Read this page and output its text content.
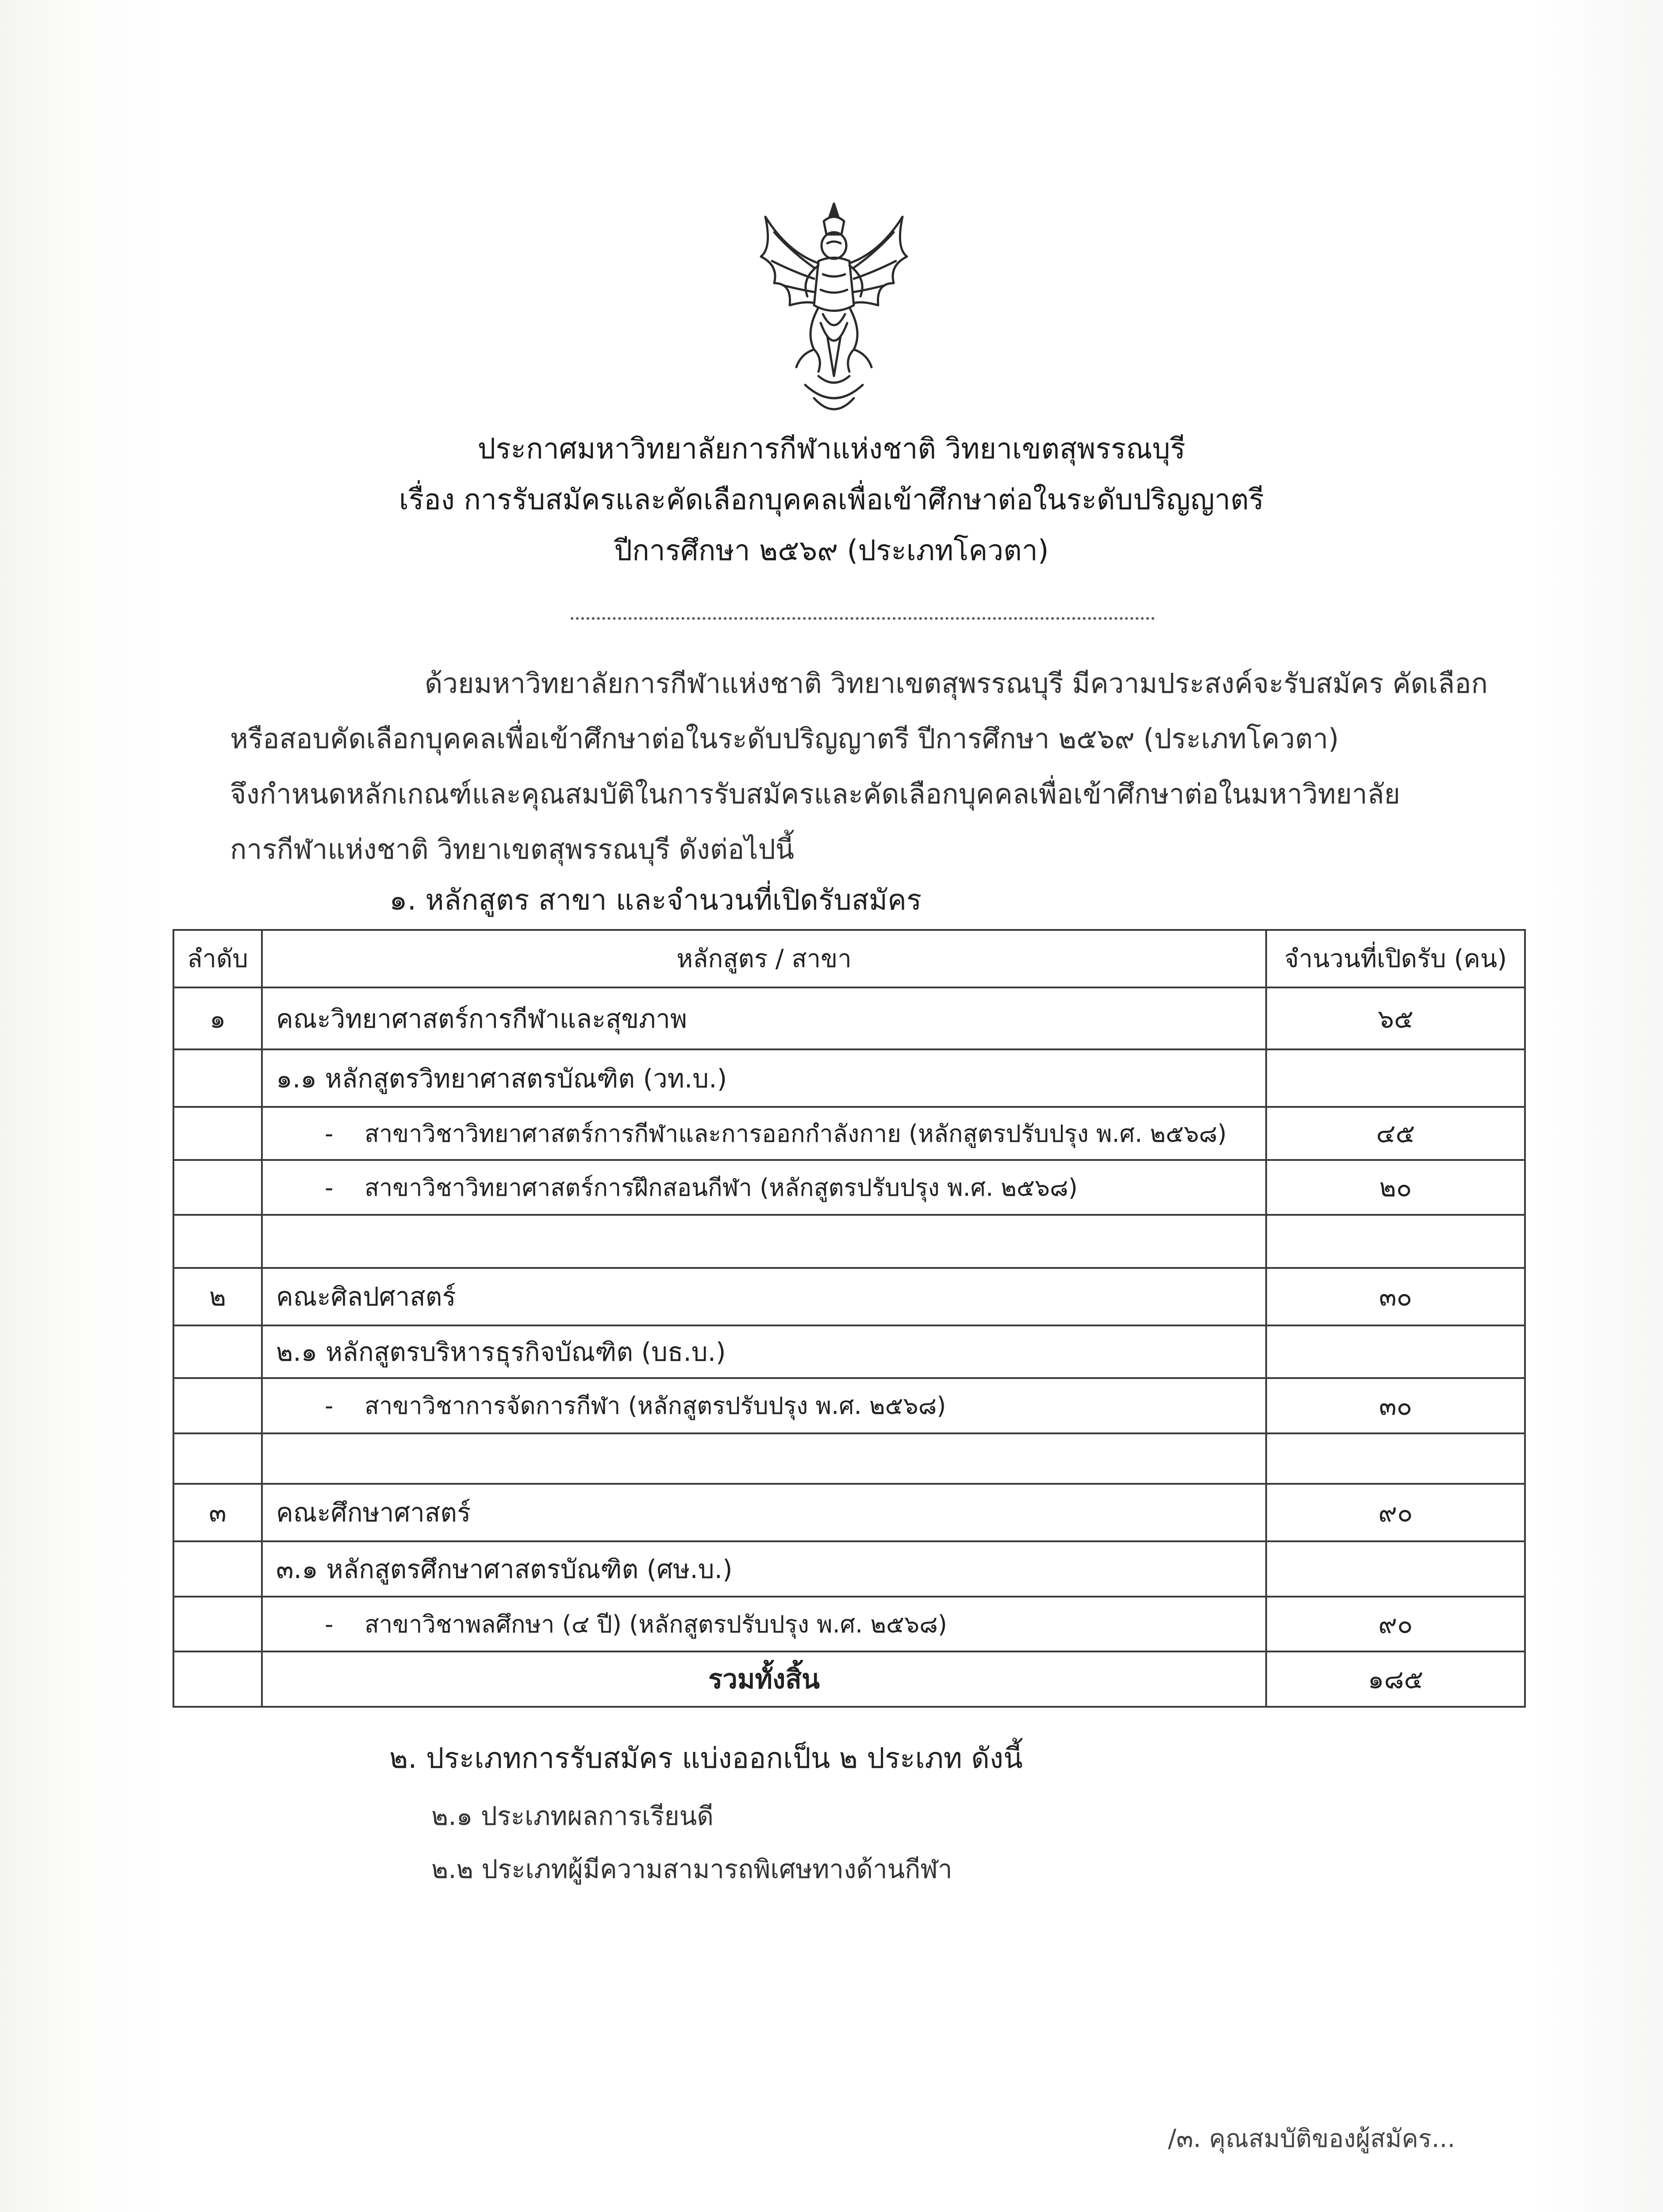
ประกาศมหาวิทยาลัยการกีฬาแห่งชาติ วิทยาเขตสุพรรณบุรี
เรื่อง การรับสมัครและคัดเลือกบุคคลเพื่อเข้าศึกษาต่อในระดับปริญญาตรี
ปีการศึกษา ๒๕๖๙ (ประเภทโควตา)
ด้วยมหาวิทยาลัยการกีฬาแห่งชาติ วิทยาเขตสุพรรณบุรี มีความประสงค์จะรับสมัคร คัดเลือก
หรือสอบคัดเลือกบุคคลเพื่อเข้าศึกษาต่อในระดับปริญญาตรี ปีการศึกษา ๒๕๖๙ (ประเภทโควตา)
จึงกำหนดหลักเกณฑ์และคุณสมบัติในการรับสมัครและคัดเลือกบุคคลเพื่อเข้าศึกษาต่อในมหาวิทยาลัย
การกีฬาแห่งชาติ วิทยาเขตสุพรรณบุรี ดังต่อไปนี้
๑. หลักสูตร สาขา และจำนวนที่เปิดรับสมัคร
ลำดับ	หลักสูตร / สาขา	จำนวนที่เปิดรับ (คน)
๑	คณะวิทยาศาสตร์การกีฬาและสุขภาพ	๖๕
	๑.๑ หลักสูตรวิทยาศาสตรบัณฑิต (วท.บ.)	
	- สาขาวิชาวิทยาศาสตร์การกีฬาและการออกกำลังกาย (หลักสูตรปรับปรุง พ.ศ. ๒๕๖๘)	๔๕
	- สาขาวิชาวิทยาศาสตร์การฝึกสอนกีฬา (หลักสูตรปรับปรุง พ.ศ. ๒๕๖๘)	๒๐

๒	คณะศิลปศาสตร์	๓๐
	๒.๑ หลักสูตรบริหารธุรกิจบัณฑิต (บธ.บ.)	
	- สาขาวิชาการจัดการกีฬา (หลักสูตรปรับปรุง พ.ศ. ๒๕๖๘)	๓๐

๓	คณะศึกษาศาสตร์	๙๐
	๓.๑ หลักสูตรศึกษาศาสตรบัณฑิต (ศษ.บ.)	
	- สาขาวิชาพลศึกษา (๔ ปี) (หลักสูตรปรับปรุง พ.ศ. ๒๕๖๘)	๙๐
	รวมทั้งสิ้น	๑๘๕
๒. ประเภทการรับสมัคร แบ่งออกเป็น ๒ ประเภท ดังนี้
๒.๑ ประเภทผลการเรียนดี
๒.๒ ประเภทผู้มีความสามารถพิเศษทางด้านกีฬา
/๓. คุณสมบัติของผู้สมัคร...
